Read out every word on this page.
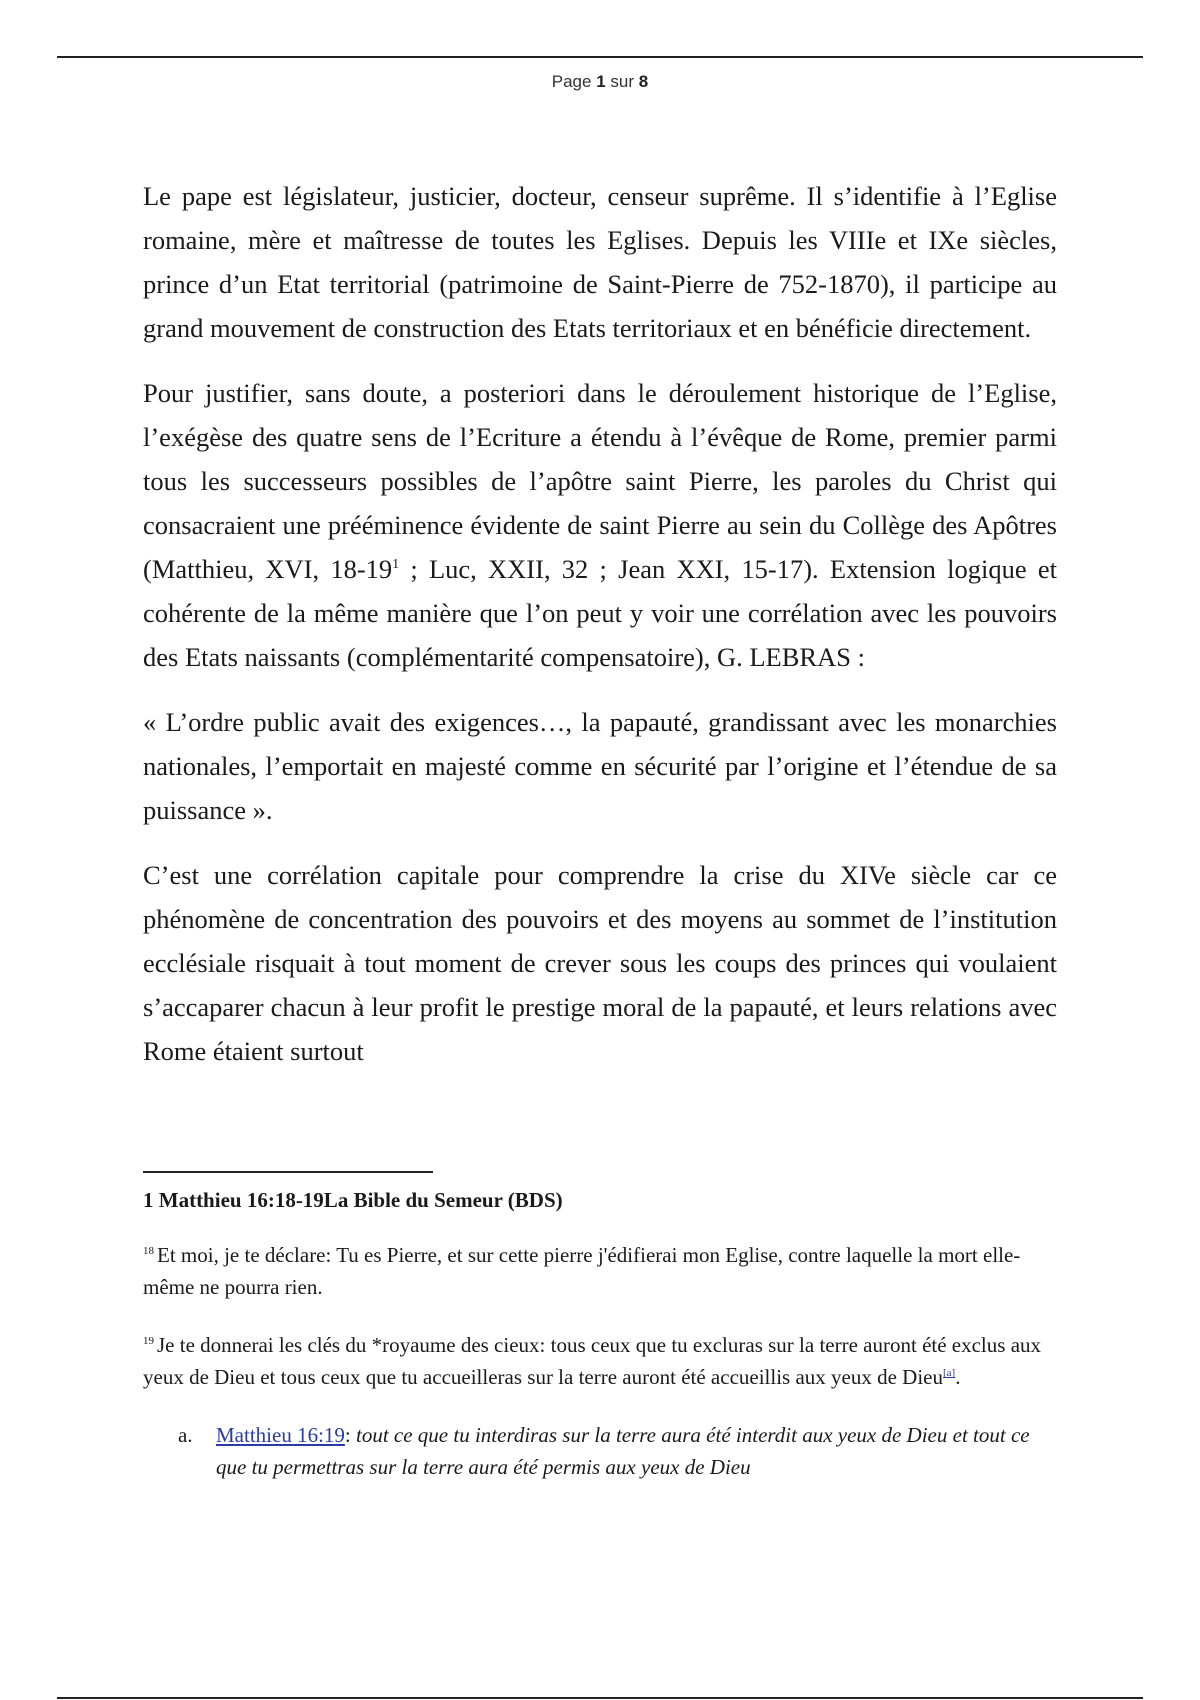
Page 1 sur 8

Le pape est législateur, justicier, docteur, censeur suprême. Il s’identifie à l’Eglise romaine, mère et maîtresse de toutes les Eglises. Depuis les VIIIe et IXe siècles, prince d’un Etat territorial (patrimoine de Saint-Pierre de 752-1870), il participe au grand mouvement de construction des Etats territoriaux et en bénéficie directement.

Pour justifier, sans doute, a posteriori dans le déroulement historique de l’Eglise, l’exégèse des quatre sens de l’Ecriture a étendu à l’évêque de Rome, premier parmi tous les successeurs possibles de l’apôtre saint Pierre, les paroles du Christ qui consacraient une prééminence évidente de saint Pierre au sein du Collège des Apôtres (Matthieu, XVI, 18-19$^1$ ; Luc, XXII, 32 ; Jean XXI, 15-17). Extension logique et cohérente de la même manière que l’on peut y voir une corrélation avec les pouvoirs des Etats naissants (complémentarité compensatoire), G. LEBRAS :

« L’ordre public avait des exigences…, la papauté, grandissant avec les monarchies nationales, l’emportait en majesté comme en sécurité par l’origine et l’étendue de sa puissance ».

C’est une corrélation capitale pour comprendre la crise du XIVe siècle car ce phénomène de concentration des pouvoirs et des moyens au sommet de l’institution ecclésiale risquait à tout moment de crever sous les coups des princes qui voulaient s’accaparer chacun à leur profit le prestige moral de la papauté, et leurs relations avec Rome étaient surtout

1 Matthieu 16:18-19La Bible du Semeur (BDS)

$^{18}$ Et moi, je te déclare: Tu es Pierre, et sur cette pierre j'édifierai mon Eglise, contre laquelle la mort elle-même ne pourra rien.

$^{19}$ Je te donnerai les clés du *royaume des cieux: tous ceux que tu excluras sur la terre auront été exclus aux yeux de Dieu et tous ceux que tu accueilleras sur la terre auront été accueillis aux yeux de Dieu[a].

a.	Matthieu 16:19: tout ce que tu interdiras sur la terre aura été interdit aux yeux de Dieu et tout ce que tu permettras sur la terre aura été permis aux yeux de Dieu
